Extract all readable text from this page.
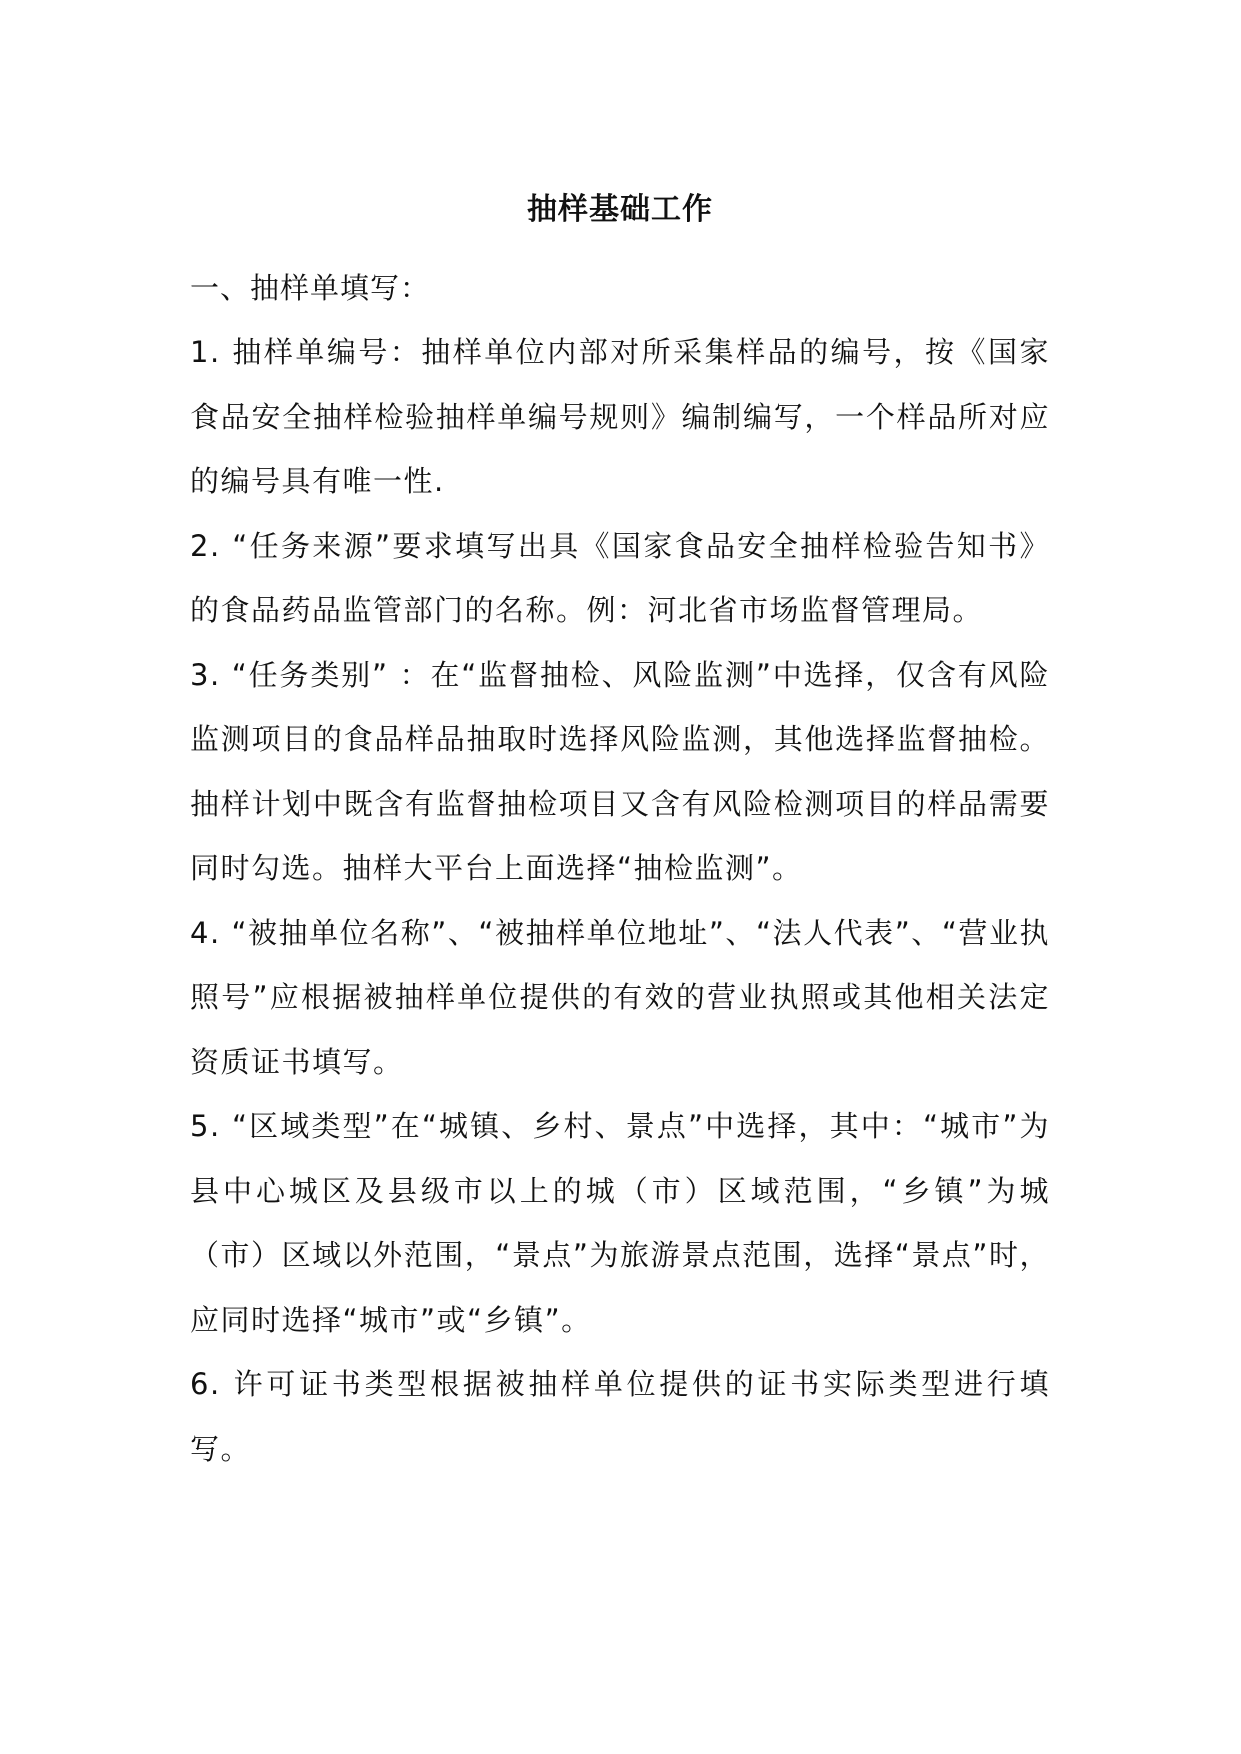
抽样基础工作

一、抽样单填写：

1. 抽样单编号：抽样单位内部对所采集样品的编号，按《国家食品安全抽样检验抽样单编号规则》编制编写，一个样品所对应的编号具有唯一性.

2. “任务来源”要求填写出具《国家食品安全抽样检验告知书》的食品药品监管部门的名称。例：河北省市场监督管理局。

3. “任务类别” ：在“监督抽检、风险监测”中选择，仅含有风险监测项目的食品样品抽取时选择风险监测，其他选择监督抽检。抽样计划中既含有监督抽检项目又含有风险检测项目的样品需要同时勾选。抽样大平台上面选择“抽检监测”。

4. “被抽单位名称”、“被抽样单位地址”、“法人代表”、“营业执照号”应根据被抽样单位提供的有效的营业执照或其他相关法定资质证书填写。

5. “区域类型”在“城镇、乡村、景点”中选择，其中：“城市”为县中心城区及县级市以上的城（市）区域范围，“乡镇”为城（市）区域以外范围，“景点”为旅游景点范围，选择“景点”时，应同时选择“城市”或“乡镇”。

6. 许可证书类型根据被抽样单位提供的证书实际类型进行填写。
